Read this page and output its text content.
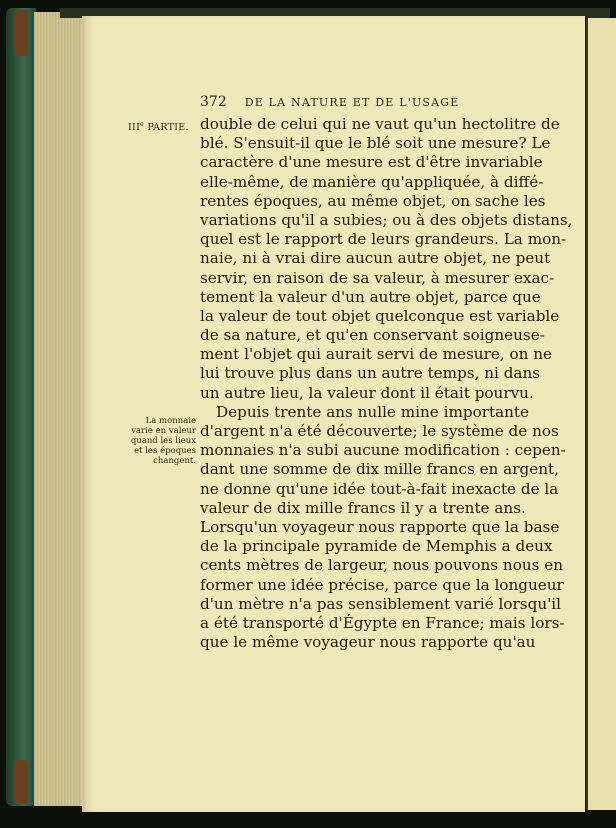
372 DE LA NATURE ET DE L'USAGE
IIIe PARTIE.
La monnaie
varie en valeur
quand les lieux
et les époques
changent.
double de celui qui ne vaut qu'un hectolitre de
blé. S'ensuit-il que le blé soit une mesure? Le
caractère d'une mesure est d'être invariable
elle-même, de manière qu'appliquée, à diffé-
rentes époques, au même objet, on sache les
variations qu'il a subies; ou à des objets distans,
quel est le rapport de leurs grandeurs. La mon-
naie, ni à vrai dire aucun autre objet, ne peut
servir, en raison de sa valeur, à mesurer exac-
tement la valeur d'un autre objet, parce que
la valeur de tout objet quelconque est variable
de sa nature, et qu'en conservant soigneuse-
ment l'objet qui aurait servi de mesure, on ne
lui trouve plus dans un autre temps, ni dans
un autre lieu, la valeur dont il était pourvu.
Depuis trente ans nulle mine importante
d'argent n'a été découverte; le système de nos
monnaies n'a subi aucune modification : cepen-
dant une somme de dix mille francs en argent,
ne donne qu'une idée tout-à-fait inexacte de la
valeur de dix mille francs il y a trente ans.
Lorsqu'un voyageur nous rapporte que la base
de la principale pyramide de Memphis a deux
cents mètres de largeur, nous pouvons nous en
former une idée précise, parce que la longueur
d'un mètre n'a pas sensiblement varié lorsqu'il
a été transporté d'Égypte en France; mais lors-
que le même voyageur nous rapporte qu'au
